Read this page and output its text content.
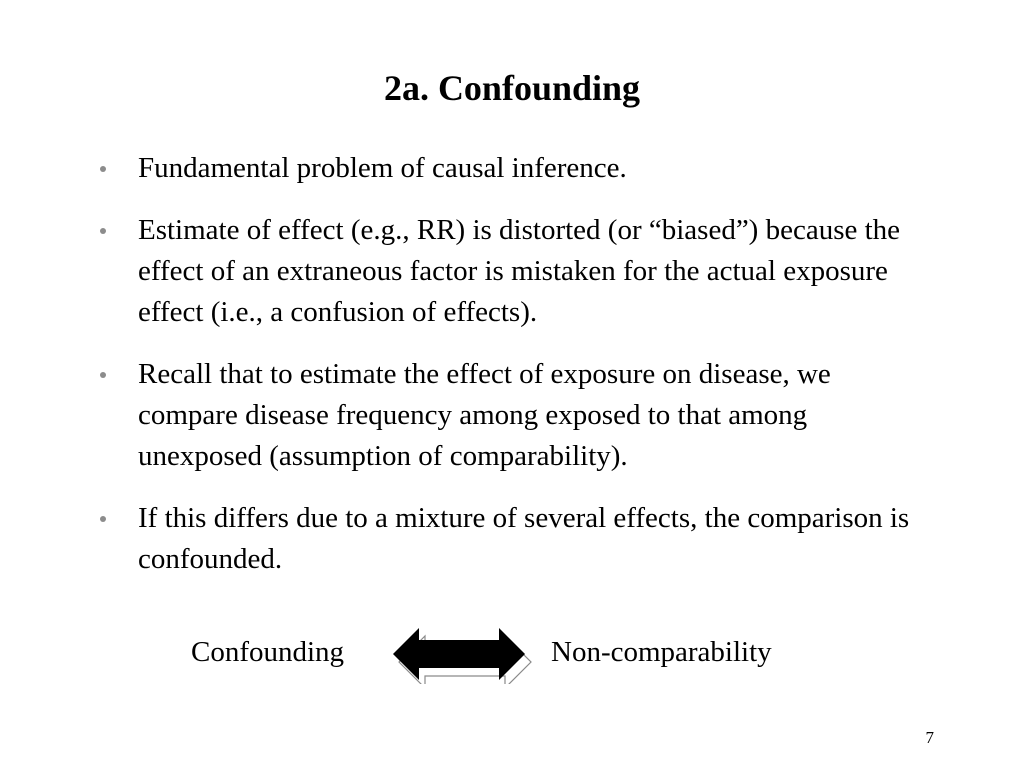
2a. Confounding
Fundamental problem of causal inference.
Estimate of effect (e.g., RR) is distorted (or “biased”) because the effect of an extraneous factor is mistaken for the actual exposure effect (i.e., a confusion of effects).
Recall that to estimate the effect of exposure on disease, we compare disease frequency among exposed to that among unexposed (assumption of comparability).
If this differs due to a mixture of several effects, the comparison is confounded.
Confounding	Non-comparability
7
